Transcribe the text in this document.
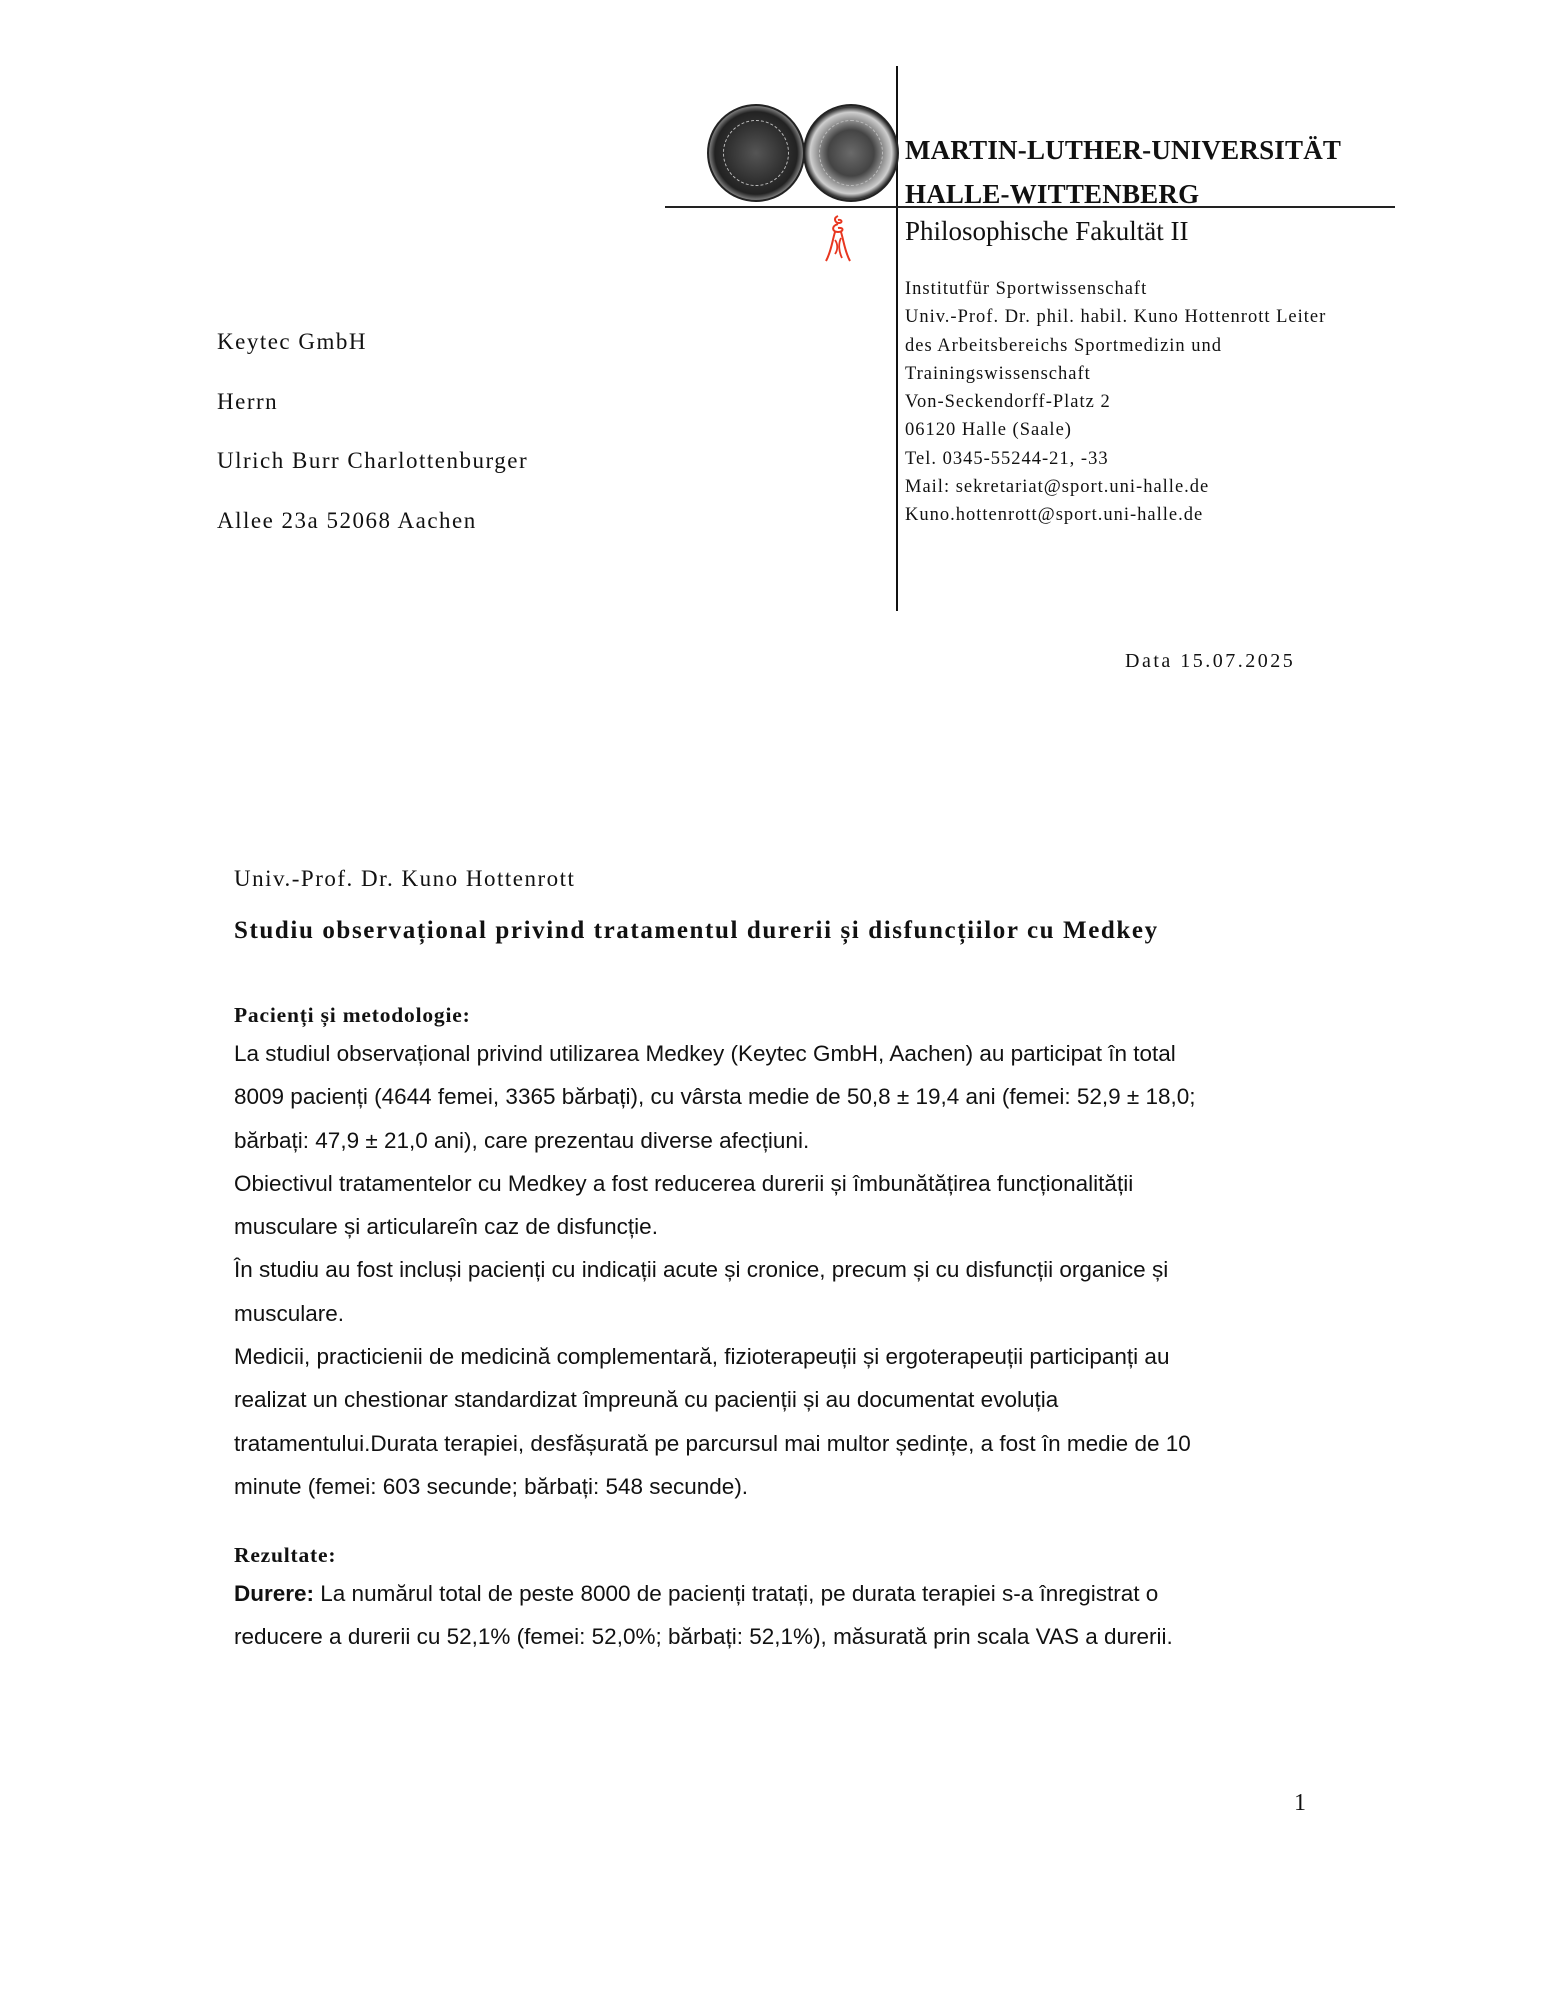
MARTIN-LUTHER-UNIVERSITÄT
HALLE-WITTENBERG
Philosophische Fakultät II
Institutfür Sportwissenschaft
Univ.-Prof. Dr. phil. habil. Kuno Hottenrott Leiter
des Arbeitsbereichs Sportmedizin und
Trainingswissenschaft
Von-Seckendorff-Platz 2
06120 Halle (Saale)
Tel. 0345-55244-21, -33
Mail: sekretariat@sport.uni-halle.de
Kuno.hottenrott@sport.uni-halle.de
Keytec GmbH
Herrn
Ulrich Burr Charlottenburger
Allee 23a 52068 Aachen
Data 15.07.2025
Univ.-Prof. Dr. Kuno Hottenrott
Studiu observațional privind tratamentul durerii și disfuncțiilor cu Medkey
Pacienți și metodologie:
La studiul observațional privind utilizarea Medkey (Keytec GmbH, Aachen) au participat în total
8009 pacienți (4644 femei, 3365 bărbați), cu vârsta medie de 50,8 ± 19,4 ani (femei: 52,9 ± 18,0;
bărbați: 47,9 ± 21,0 ani), care prezentau diverse afecțiuni.
Obiectivul tratamentelor cu Medkey a fost reducerea durerii și îmbunătățirea funcționalității
musculare și articulareîn caz de disfuncție.
În studiu au fost incluși pacienți cu indicații acute și cronice, precum și cu disfuncții organice și
musculare.
Medicii, practicienii de medicină complementară, fizioterapeuții și ergoterapeuții participanți au
realizat un chestionar standardizat împreună cu pacienții și au documentat evoluția
tratamentului.Durata terapiei, desfășurată pe parcursul mai multor ședințe, a fost în medie de 10
minute (femei: 603 secunde; bărbați: 548 secunde).
Rezultate:
Durere: La numărul total de peste 8000 de pacienți tratați, pe durata terapiei s-a înregistrat o
reducere a durerii cu 52,1% (femei: 52,0%; bărbați: 52,1%), măsurată prin scala VAS a durerii.
1
